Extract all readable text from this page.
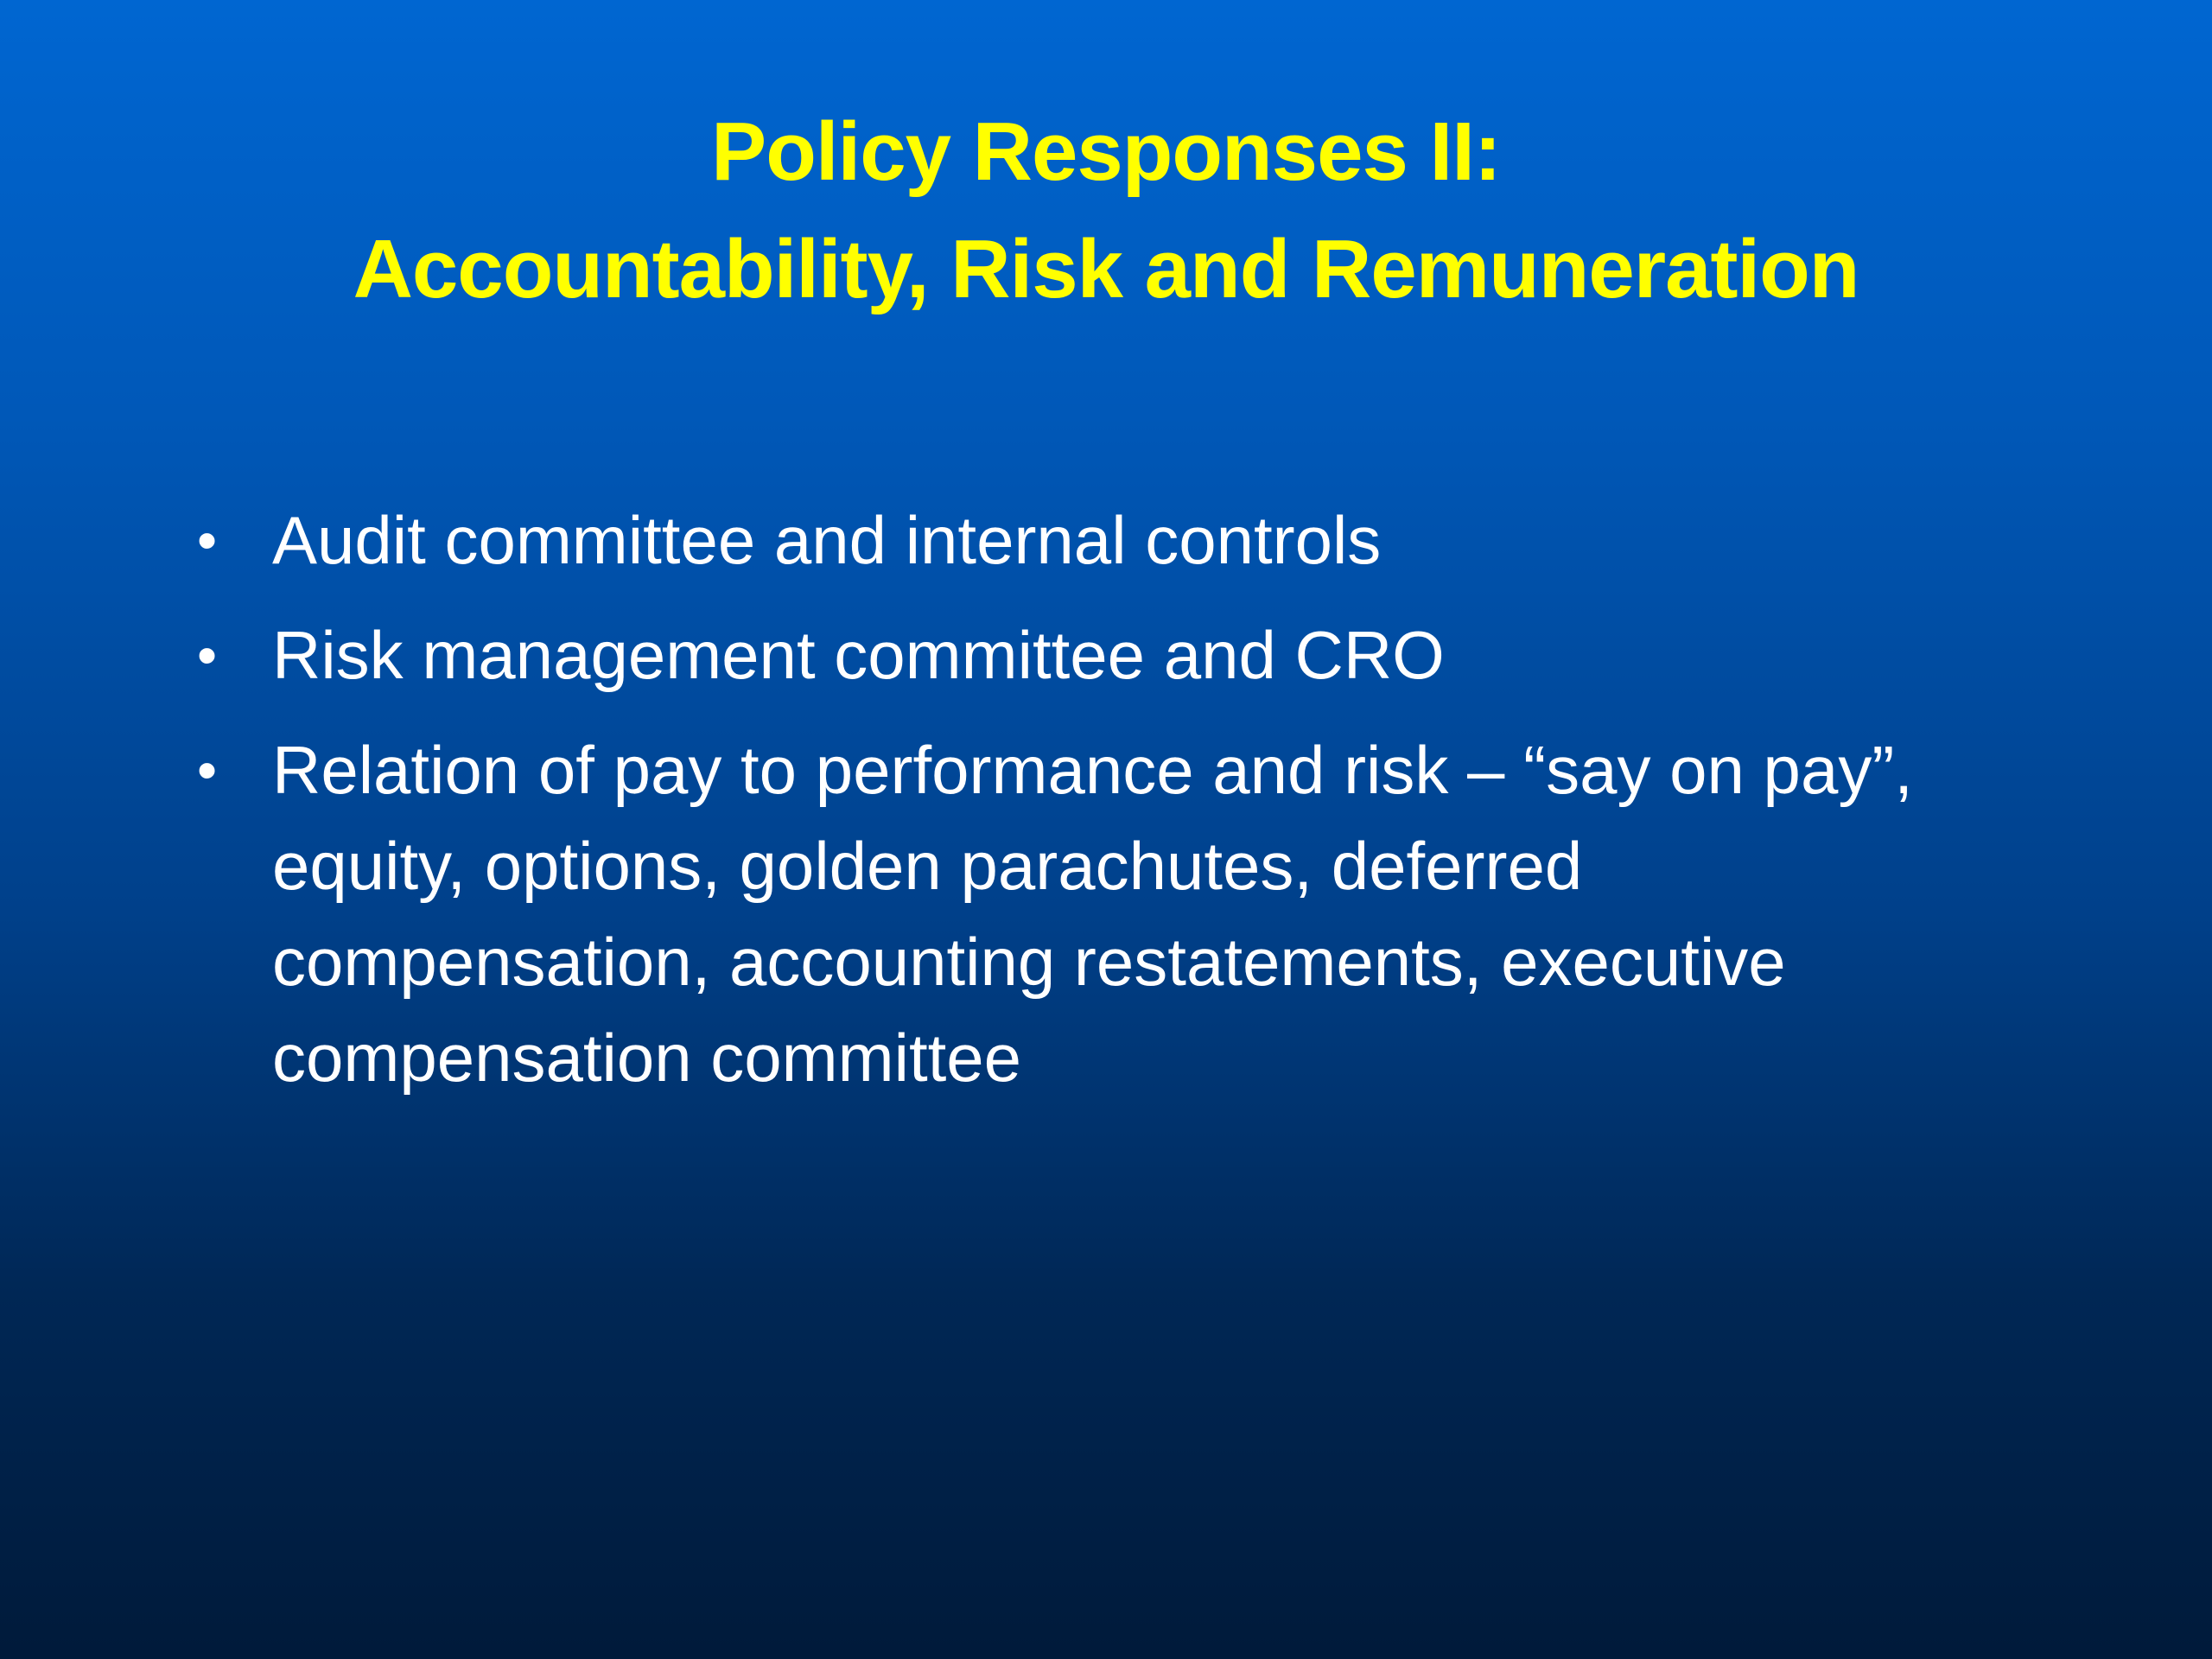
Policy Responses II:
Accountability, Risk and Remuneration
• Audit committee and internal controls
• Risk management committee and CRO
• Relation of pay to performance and risk – “say on pay”, equity, options, golden parachutes, deferred compensation, accounting restatements, executive compensation committee
